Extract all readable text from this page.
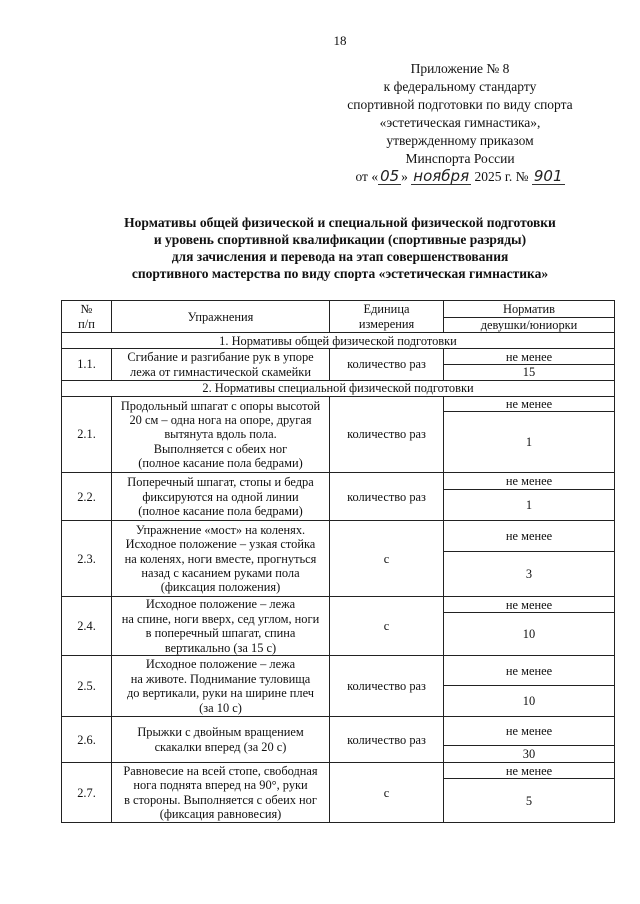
18
Приложение № 8
к федеральному стандарту
спортивной подготовки по виду спорта
«эстетическая гимнастика»,
утвержденному приказом
Минспорта России
от « 05 » ноября 2025 г. № 901
Нормативы общей физической и специальной физической подготовки
и уровень спортивной квалификации (спортивные разряды)
для зачисления и перевода на этап совершенствования
спортивного мастерства по виду спорта «эстетическая гимнастика»
№
п/п	Упражнения	Единица
измерения	Норматив
			девушки/юниорки
1. Нормативы общей физической подготовки			
1.1.	Сгибание и разгибание рук в упоре
лежа от гимнастической скамейки	количество раз	не менее
			15
2. Нормативы специальной физической подготовки			
2.1.	Продольный шпагат с опоры высотой
20 см – одна нога на опоре, другая
вытянута вдоль пола.
Выполняется с обеих ног
(полное касание пола бедрами)	количество раз	не менее
			1
2.2.	Поперечный шпагат, стопы и бедра
фиксируются на одной линии
(полное касание пола бедрами)	количество раз	не менее
			1
2.3.	Упражнение «мост» на коленях.
Исходное положение – узкая стойка
на коленях, ноги вместе, прогнуться
назад с касанием руками пола
(фиксация положения)	с	не менее
			3
2.4.	Исходное положение – лежа
на спине, ноги вверх, сед углом, ноги
в поперечный шпагат, спина
вертикально (за 15 с)	с	не менее
			10
2.5.	Исходное положение – лежа
на животе. Поднимание туловища
до вертикали, руки на ширине плеч
(за 10 с)	количество раз	не менее
			10
2.6.	Прыжки с двойным вращением
скакалки вперед (за 20 с)	количество раз	не менее
			30
2.7.	Равновесие на всей стопе, свободная
нога поднята вперед на 90°, руки
в стороны. Выполняется с обеих ног
(фиксация равновесия)	с	не менее
			5
